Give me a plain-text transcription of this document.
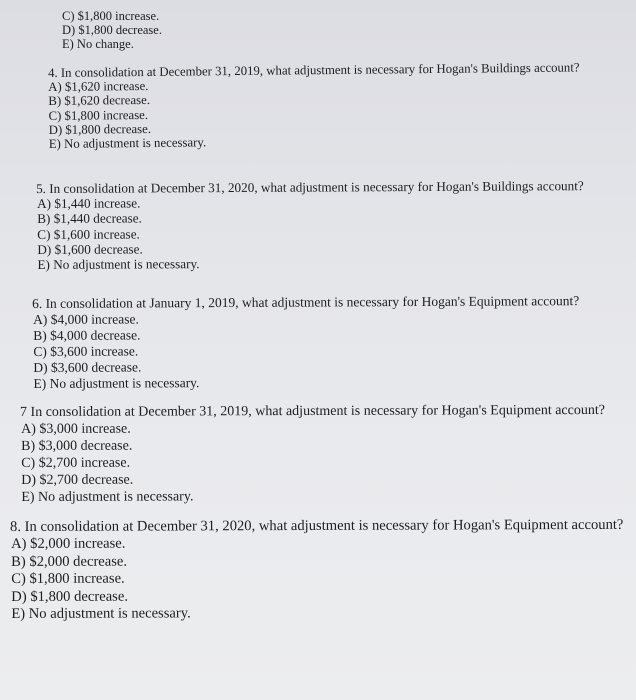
C) $1,800 increase.
D) $1,800 decrease.
E) No change.
4. In consolidation at December 31, 2019, what adjustment is necessary for Hogan's Buildings account?
A) $1,620 increase.
B) $1,620 decrease.
C) $1,800 increase.
D) $1,800 decrease.
E) No adjustment is necessary.
5. In consolidation at December 31, 2020, what adjustment is necessary for Hogan's Buildings account?
A) $1,440 increase.
B) $1,440 decrease.
C) $1,600 increase.
D) $1,600 decrease.
E) No adjustment is necessary.
6. In consolidation at January 1, 2019, what adjustment is necessary for Hogan's Equipment account?
A) $4,000 increase.
B) $4,000 decrease.
C) $3,600 increase.
D) $3,600 decrease.
E) No adjustment is necessary.
7 In consolidation at December 31, 2019, what adjustment is necessary for Hogan's Equipment account?
A) $3,000 increase.
B) $3,000 decrease.
C) $2,700 increase.
D) $2,700 decrease.
E) No adjustment is necessary.
8. In consolidation at December 31, 2020, what adjustment is necessary for Hogan's Equipment account?
A) $2,000 increase.
B) $2,000 decrease.
C) $1,800 increase.
D) $1,800 decrease.
E) No adjustment is necessary.
